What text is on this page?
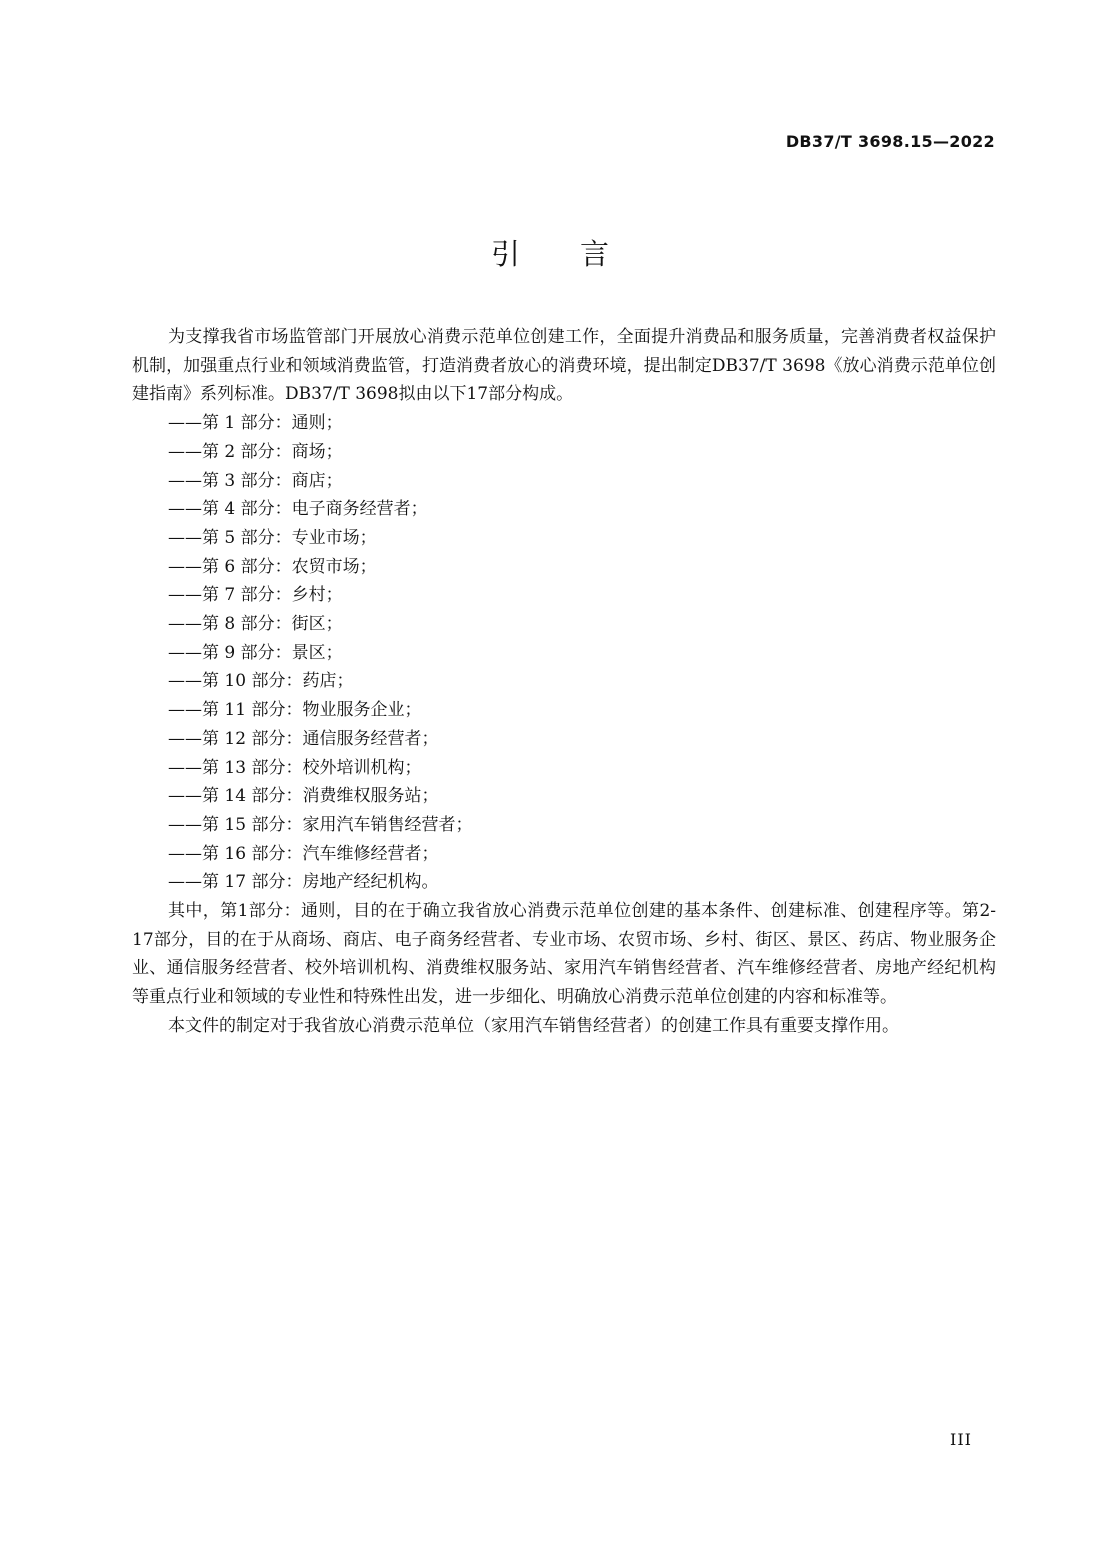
DB37/T 3698.15—2022
引言

为支撑我省市场监管部门开展放心消费示范单位创建工作，全面提升消费品和服务质量，完善消费者权益保护机制，加强重点行业和领域消费监管，打造消费者放心的消费环境，提出制定DB37/T 3698《放心消费示范单位创建指南》系列标准。DB37/T 3698拟由以下17部分构成。

——第 1 部分：通则；
——第 2 部分：商场；
——第 3 部分：商店；
——第 4 部分：电子商务经营者；
——第 5 部分：专业市场；
——第 6 部分：农贸市场；
——第 7 部分：乡村；
——第 8 部分：街区；
——第 9 部分：景区；
——第 10 部分：药店；
——第 11 部分：物业服务企业；
——第 12 部分：通信服务经营者；
——第 13 部分：校外培训机构；
——第 14 部分：消费维权服务站；
——第 15 部分：家用汽车销售经营者；
——第 16 部分：汽车维修经营者；
——第 17 部分：房地产经纪机构。

其中，第1部分：通则，目的在于确立我省放心消费示范单位创建的基本条件、创建标准、创建程序等。第2-17部分，目的在于从商场、商店、电子商务经营者、专业市场、农贸市场、乡村、街区、景区、药店、物业服务企业、通信服务经营者、校外培训机构、消费维权服务站、家用汽车销售经营者、汽车维修经营者、房地产经纪机构等重点行业和领域的专业性和特殊性出发，进一步细化、明确放心消费示范单位创建的内容和标准等。

本文件的制定对于我省放心消费示范单位（家用汽车销售经营者）的创建工作具有重要支撑作用。

III
